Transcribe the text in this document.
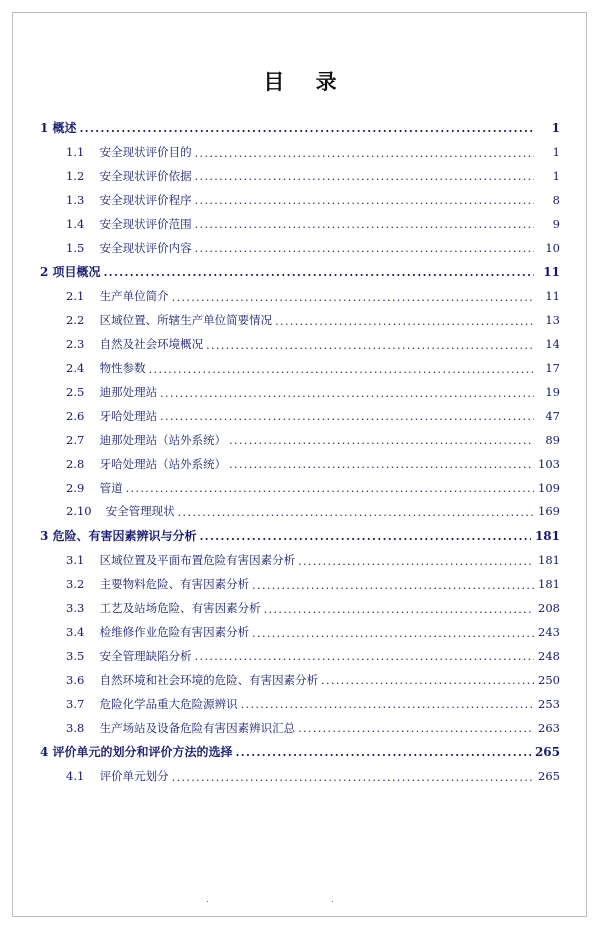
目 录
1
概述 .....	1
1.1
	安全现状评价目的 .....	1
1.2
	安全现状评价依据 .....	1
1.3
	安全现状评价程序 .....	8
1.4
	安全现状评价范围 .....	9
1.5
	安全现状评价内容 .....	10
2
项目概况 .....	11
2.1
	生产单位简介 .....	11
2.2
	区域位置、所辖生产单位简要情况 .....	13
2.3
	自然及社会环境概况 .....	14
2.4
	物性参数 .....	17
2.5
	迪那处理站 .....	19
2.6
	牙哈处理站 .....	47
2.7
	迪那处理站（站外系统） .....	89
2.8
	牙哈处理站（站外系统） .....	103
2.9
	管道 .....	109
2.10
	安全管理现状 .....	169
3
危险、有害因素辨识与分析 .....	181
3.1
	区域位置及平面布置危险有害因素分析 .....	181
3.2
	主要物料危险、有害因素分析 .....	181
3.3
	工艺及站场危险、有害因素分析 .....	208
3.4
	检维修作业危险有害因素分析 .....	243
3.5
	安全管理缺陷分析 .....	248
3.6
	自然环境和社会环境的危险、有害因素分析 .....	250
3.7
	危险化学品重大危险源辨识 .....	253
3.8
	生产场站及设备危险有害因素辨识汇总 .....	263
4
评价单元的划分和评价方法的选择 .....	265
4.1
	评价单元划分 .....	265
. .
